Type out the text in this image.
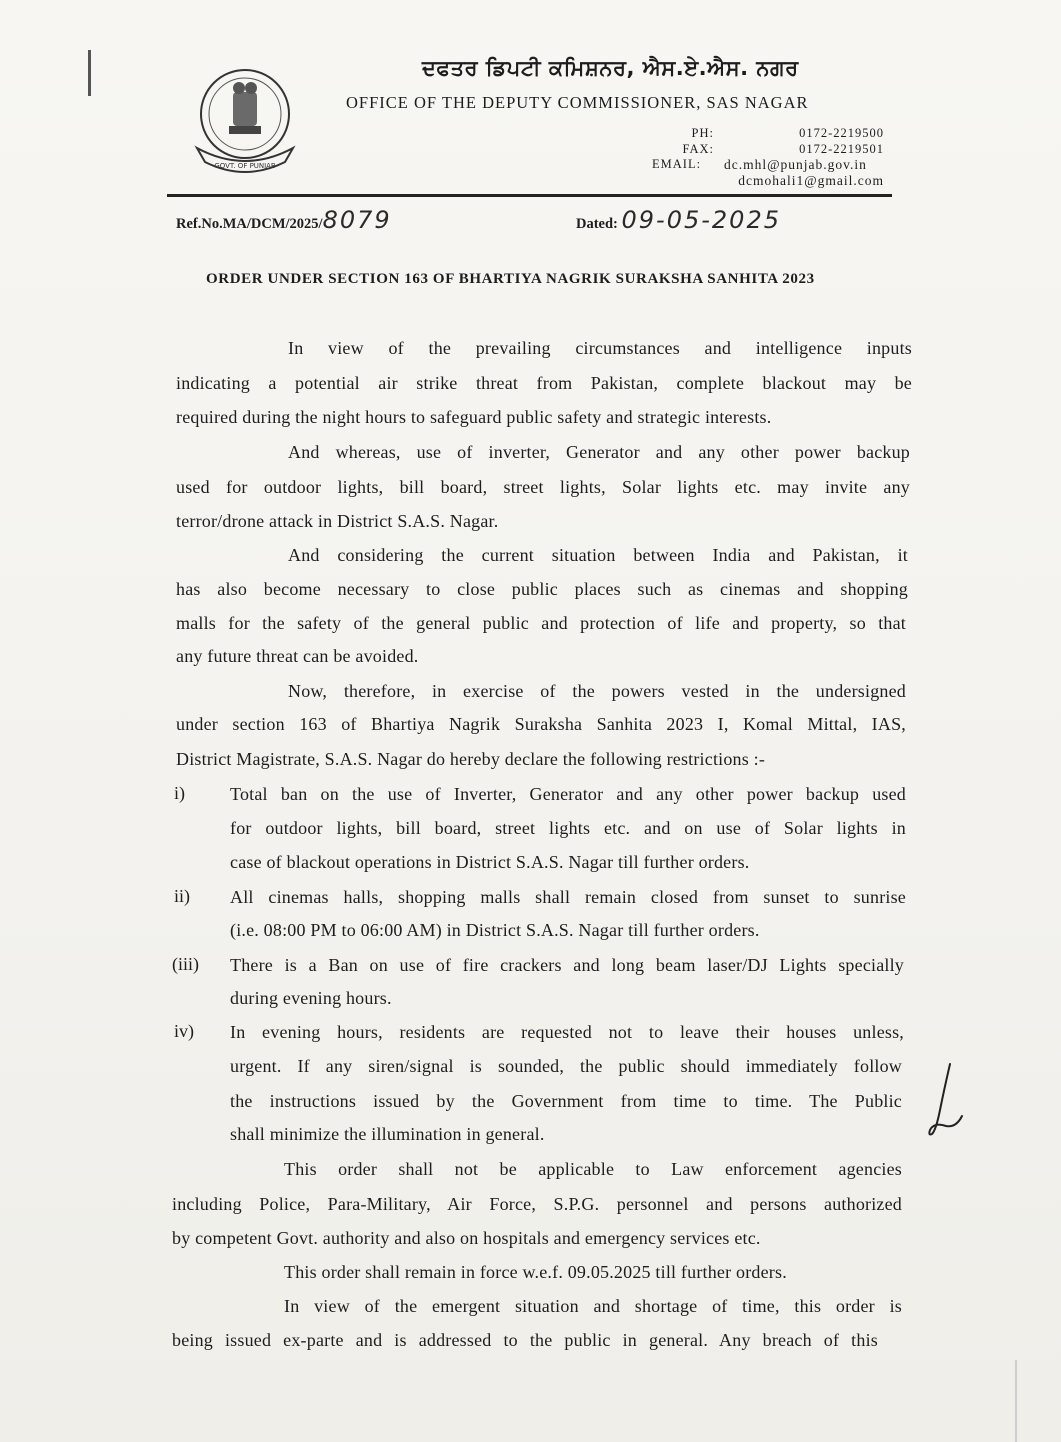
GOVT. OF PUNJAB
ਦਫਤਰ ਡਿਪਟੀ ਕਮਿਸ਼ਨਰ, ਐਸ.ਏ.ਐਸ. ਨਗਰ
OFFICE OF THE DEPUTY COMMISSIONER, SAS NAGAR
PH:	0172-2219500
FAX:	0172-2219501
EMAIL:	dc.mhl@punjab.gov.in
dcmohali1@gmail.com
Ref.No.MA/DCM/2025/8079	Dated: 09-05-2025
ORDER UNDER SECTION 163 OF BHARTIYA NAGRIK SURAKSHA SANHITA 2023
In view of the prevailing circumstances and intelligence inputs
indicating a potential air strike threat from Pakistan, complete blackout may be
required during the night hours to safeguard public safety and strategic interests.
And whereas, use of inverter, Generator and any other power backup
used for outdoor lights, bill board, street lights, Solar lights etc. may invite any
terror/drone attack in District S.A.S. Nagar.
And considering the current situation between India and Pakistan, it
has also become necessary to close public places such as cinemas and shopping
malls for the safety of the general public and protection of life and property, so that
any future threat can be avoided.
Now, therefore, in exercise of the powers vested in the undersigned
under section 163 of Bhartiya Nagrik Suraksha Sanhita 2023 I, Komal Mittal, IAS,
District Magistrate, S.A.S. Nagar do hereby declare the following restrictions :-
i)	Total ban on the use of Inverter, Generator and any other power backup used
for outdoor lights, bill board, street lights etc. and on use of Solar lights in
case of blackout operations in District S.A.S. Nagar till further orders.
ii) All cinemas halls, shopping malls shall remain closed from sunset to sunrise
(i.e. 08:00 PM to 06:00 AM) in District S.A.S. Nagar till further orders.
(iii) There is a Ban on use of fire crackers and long beam laser/DJ Lights specially
during evening hours.
iv) In evening hours, residents are requested not to leave their houses unless,
urgent. If any siren/signal is sounded, the public should immediately follow
the instructions issued by the Government from time to time. The Public
shall minimize the illumination in general.
This order shall not be applicable to Law enforcement agencies
including Police, Para-Military, Air Force, S.P.G. personnel and persons authorized
by competent Govt. authority and also on hospitals and emergency services etc.
This order shall remain in force w.e.f. 09.05.2025 till further orders.
In view of the emergent situation and shortage of time, this order is
being issued ex-parte and is addressed to the public in general. Any breach of this
